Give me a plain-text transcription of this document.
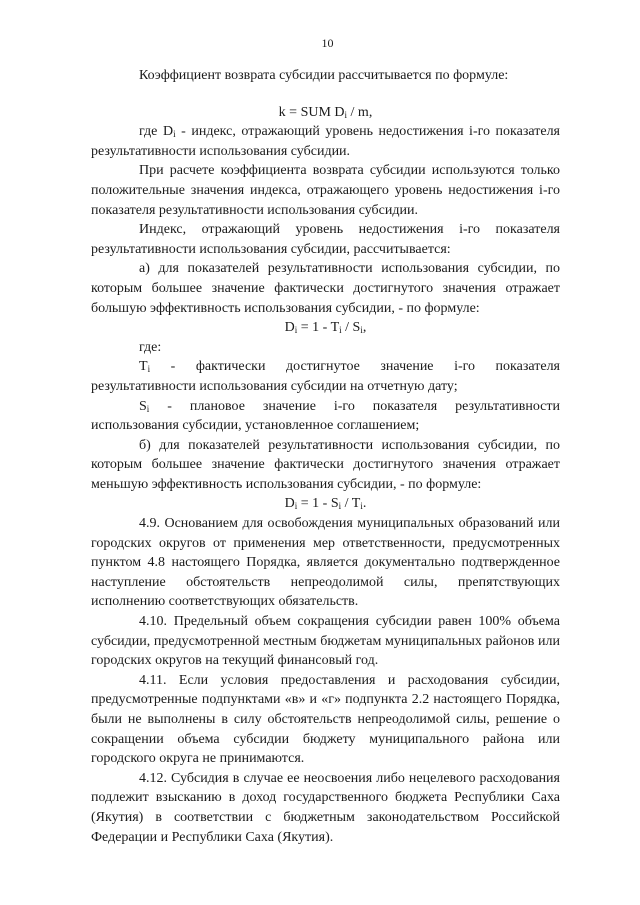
10

Коэффициент возврата субсидии рассчитывается по формуле:

k = SUM $D_i$ / m,

где $D_i$ - индекс, отражающий уровень недостижения i-го показателя результативности использования субсидии.

При расчете коэффициента возврата субсидии используются только положительные значения индекса, отражающего уровень недостижения i-го показателя результативности использования субсидии.

Индекс, отражающий уровень недостижения i-го показателя результативности использования субсидии, рассчитывается:

а) для показателей результативности использования субсидии, по которым большее значение фактически достигнутого значения отражает большую эффективность использования субсидии, - по формуле:

$D_i = 1 - T_i / S_i$,

где:

$T_i$ - фактически достигнутое значение i-го показателя результативности использования субсидии на отчетную дату;

$S_i$ - плановое значение i-го показателя результативности использования субсидии, установленное соглашением;

б) для показателей результативности использования субсидии, по которым большее значение фактически достигнутого значения отражает меньшую эффективность использования субсидии, - по формуле:

$D_i = 1 - S_i / T_i$.

4.9. Основанием для освобождения муниципальных образований или городских округов от применения мер ответственности, предусмотренных пунктом 4.8 настоящего Порядка, является документально подтвержденное наступление обстоятельств непреодолимой силы, препятствующих исполнению соответствующих обязательств.

4.10. Предельный объем сокращения субсидии равен 100% объема субсидии, предусмотренной местным бюджетам муниципальных районов или городских округов на текущий финансовый год.

4.11. Если условия предоставления и расходования субсидии, предусмотренные подпунктами «в» и «г» подпункта 2.2 настоящего Порядка, были не выполнены в силу обстоятельств непреодолимой силы, решение о сокращении объема субсидии бюджету муниципального района или городского округа не принимаются.

4.12. Субсидия в случае ее неосвоения либо нецелевого расходования подлежит взысканию в доход государственного бюджета Республики Саха (Якутия) в соответствии с бюджетным законодательством Российской Федерации и Республики Саха (Якутия).
